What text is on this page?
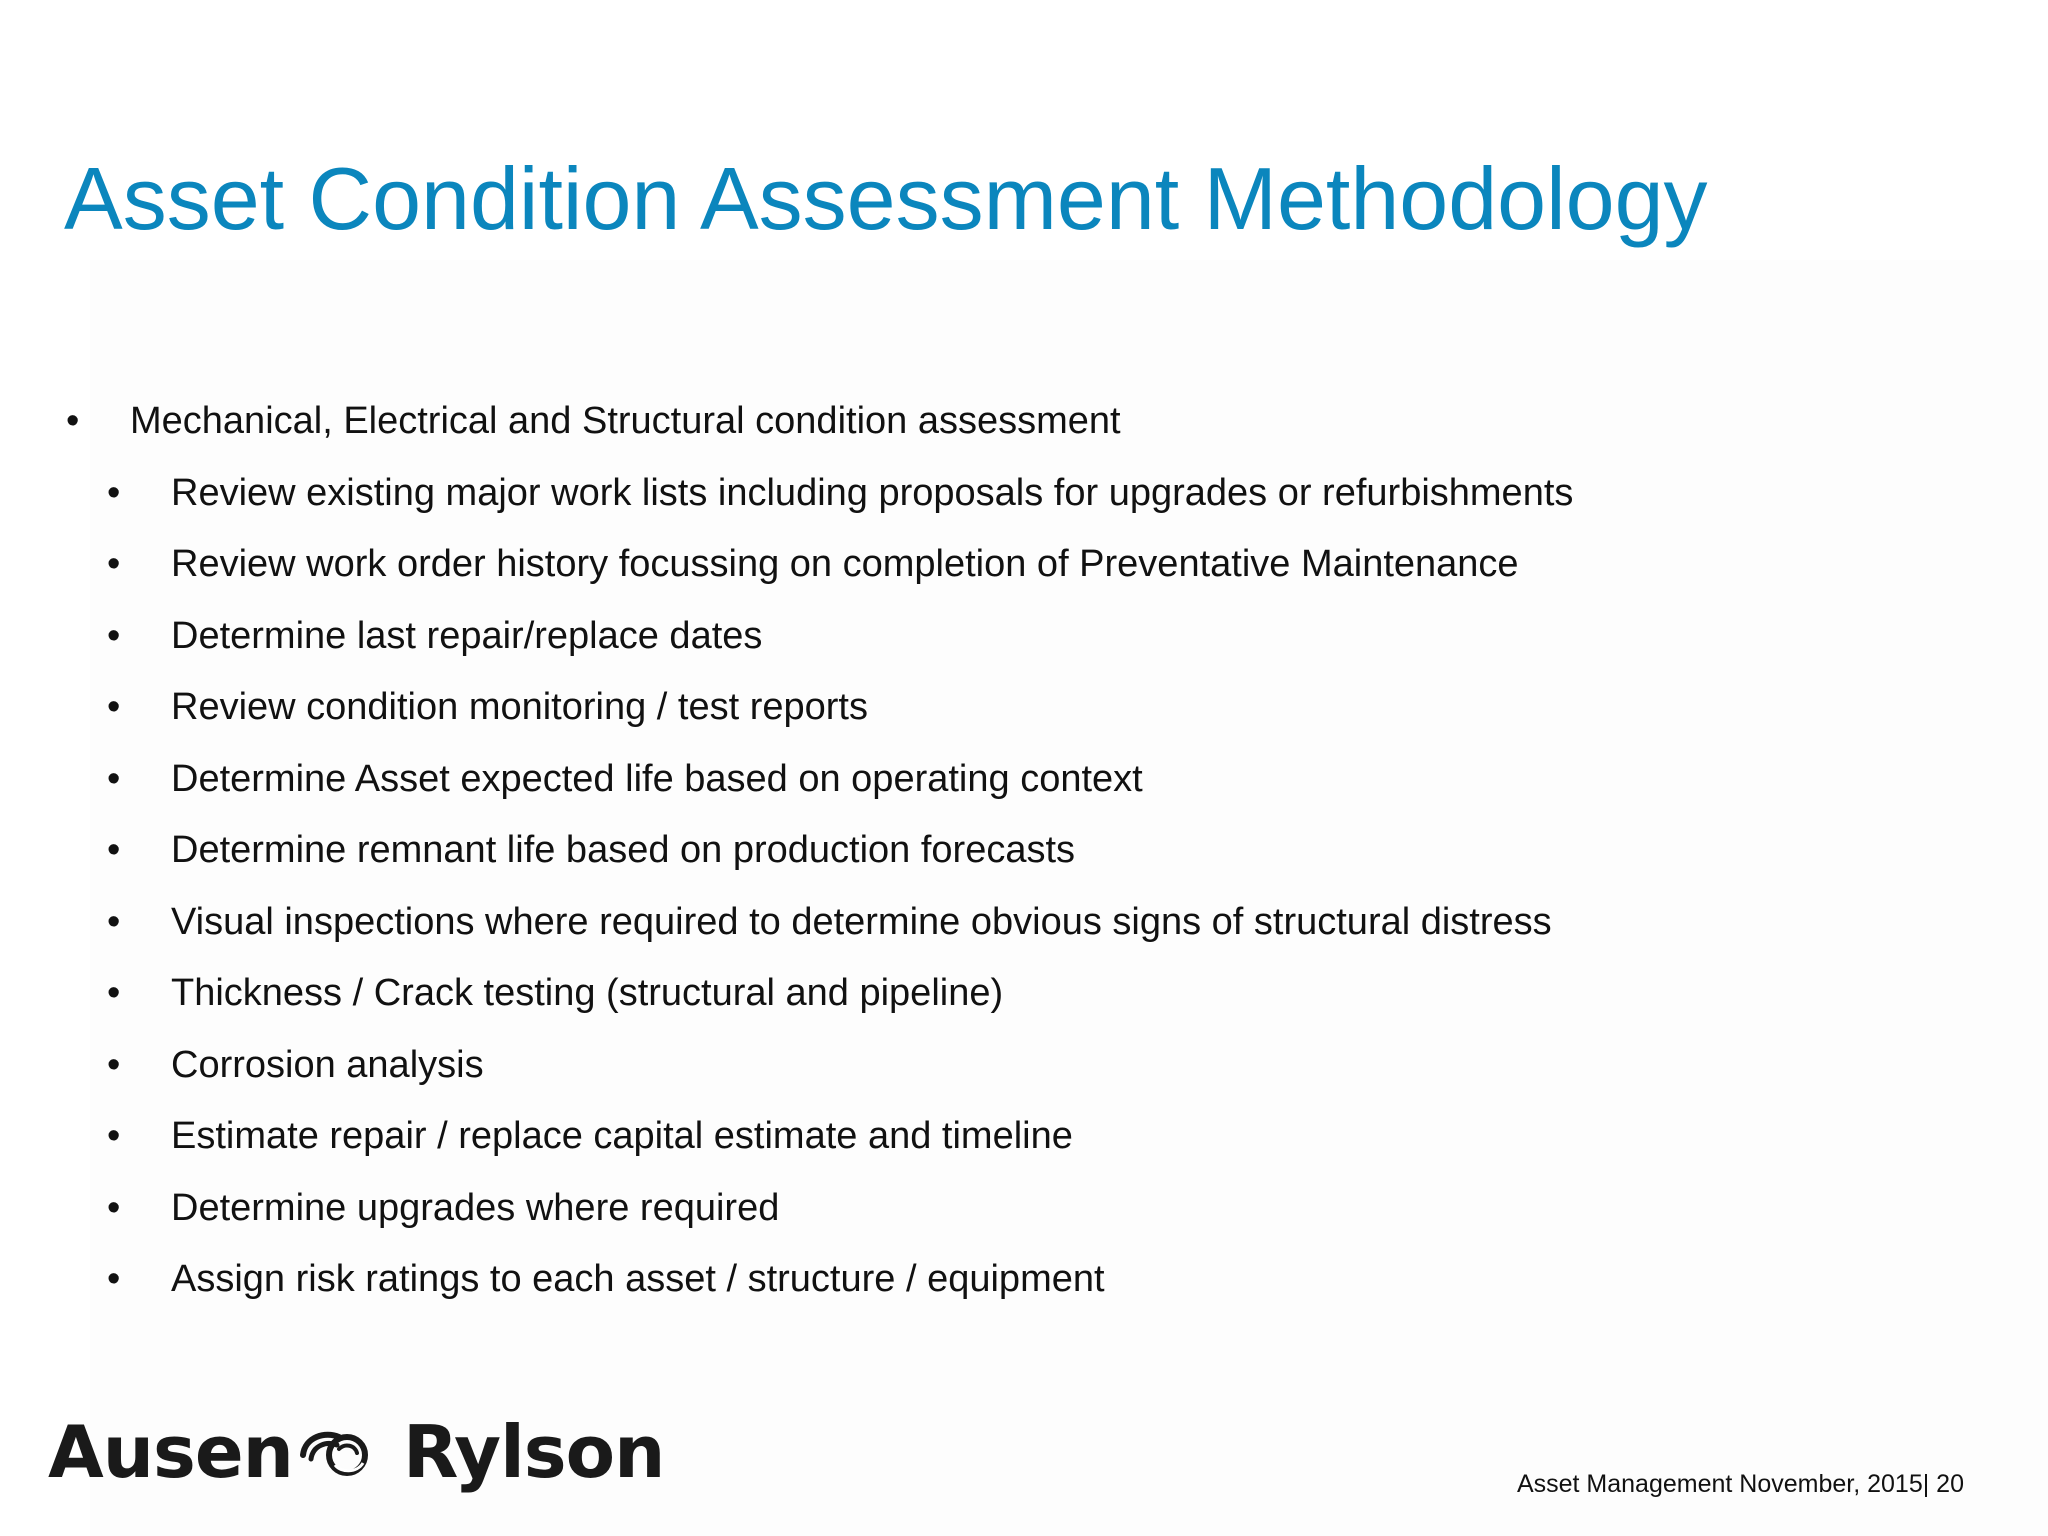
Asset Condition Assessment Methodology
• Mechanical, Electrical and Structural condition assessment
• Review existing major work lists including proposals for upgrades or refurbishments
• Review work order history focussing on completion of Preventative Maintenance
• Determine last repair/replace dates
• Review condition monitoring / test reports
• Determine Asset expected life based on operating context
• Determine remnant life based on production forecasts
• Visual inspections where required to determine obvious signs of structural distress
• Thickness / Crack testing (structural and pipeline)
• Corrosion analysis
• Estimate repair / replace capital estimate and timeline
• Determine upgrades where required
• Assign risk ratings to each asset / structure / equipment
Ausen Rylson	Asset Management November, 2015| 20
